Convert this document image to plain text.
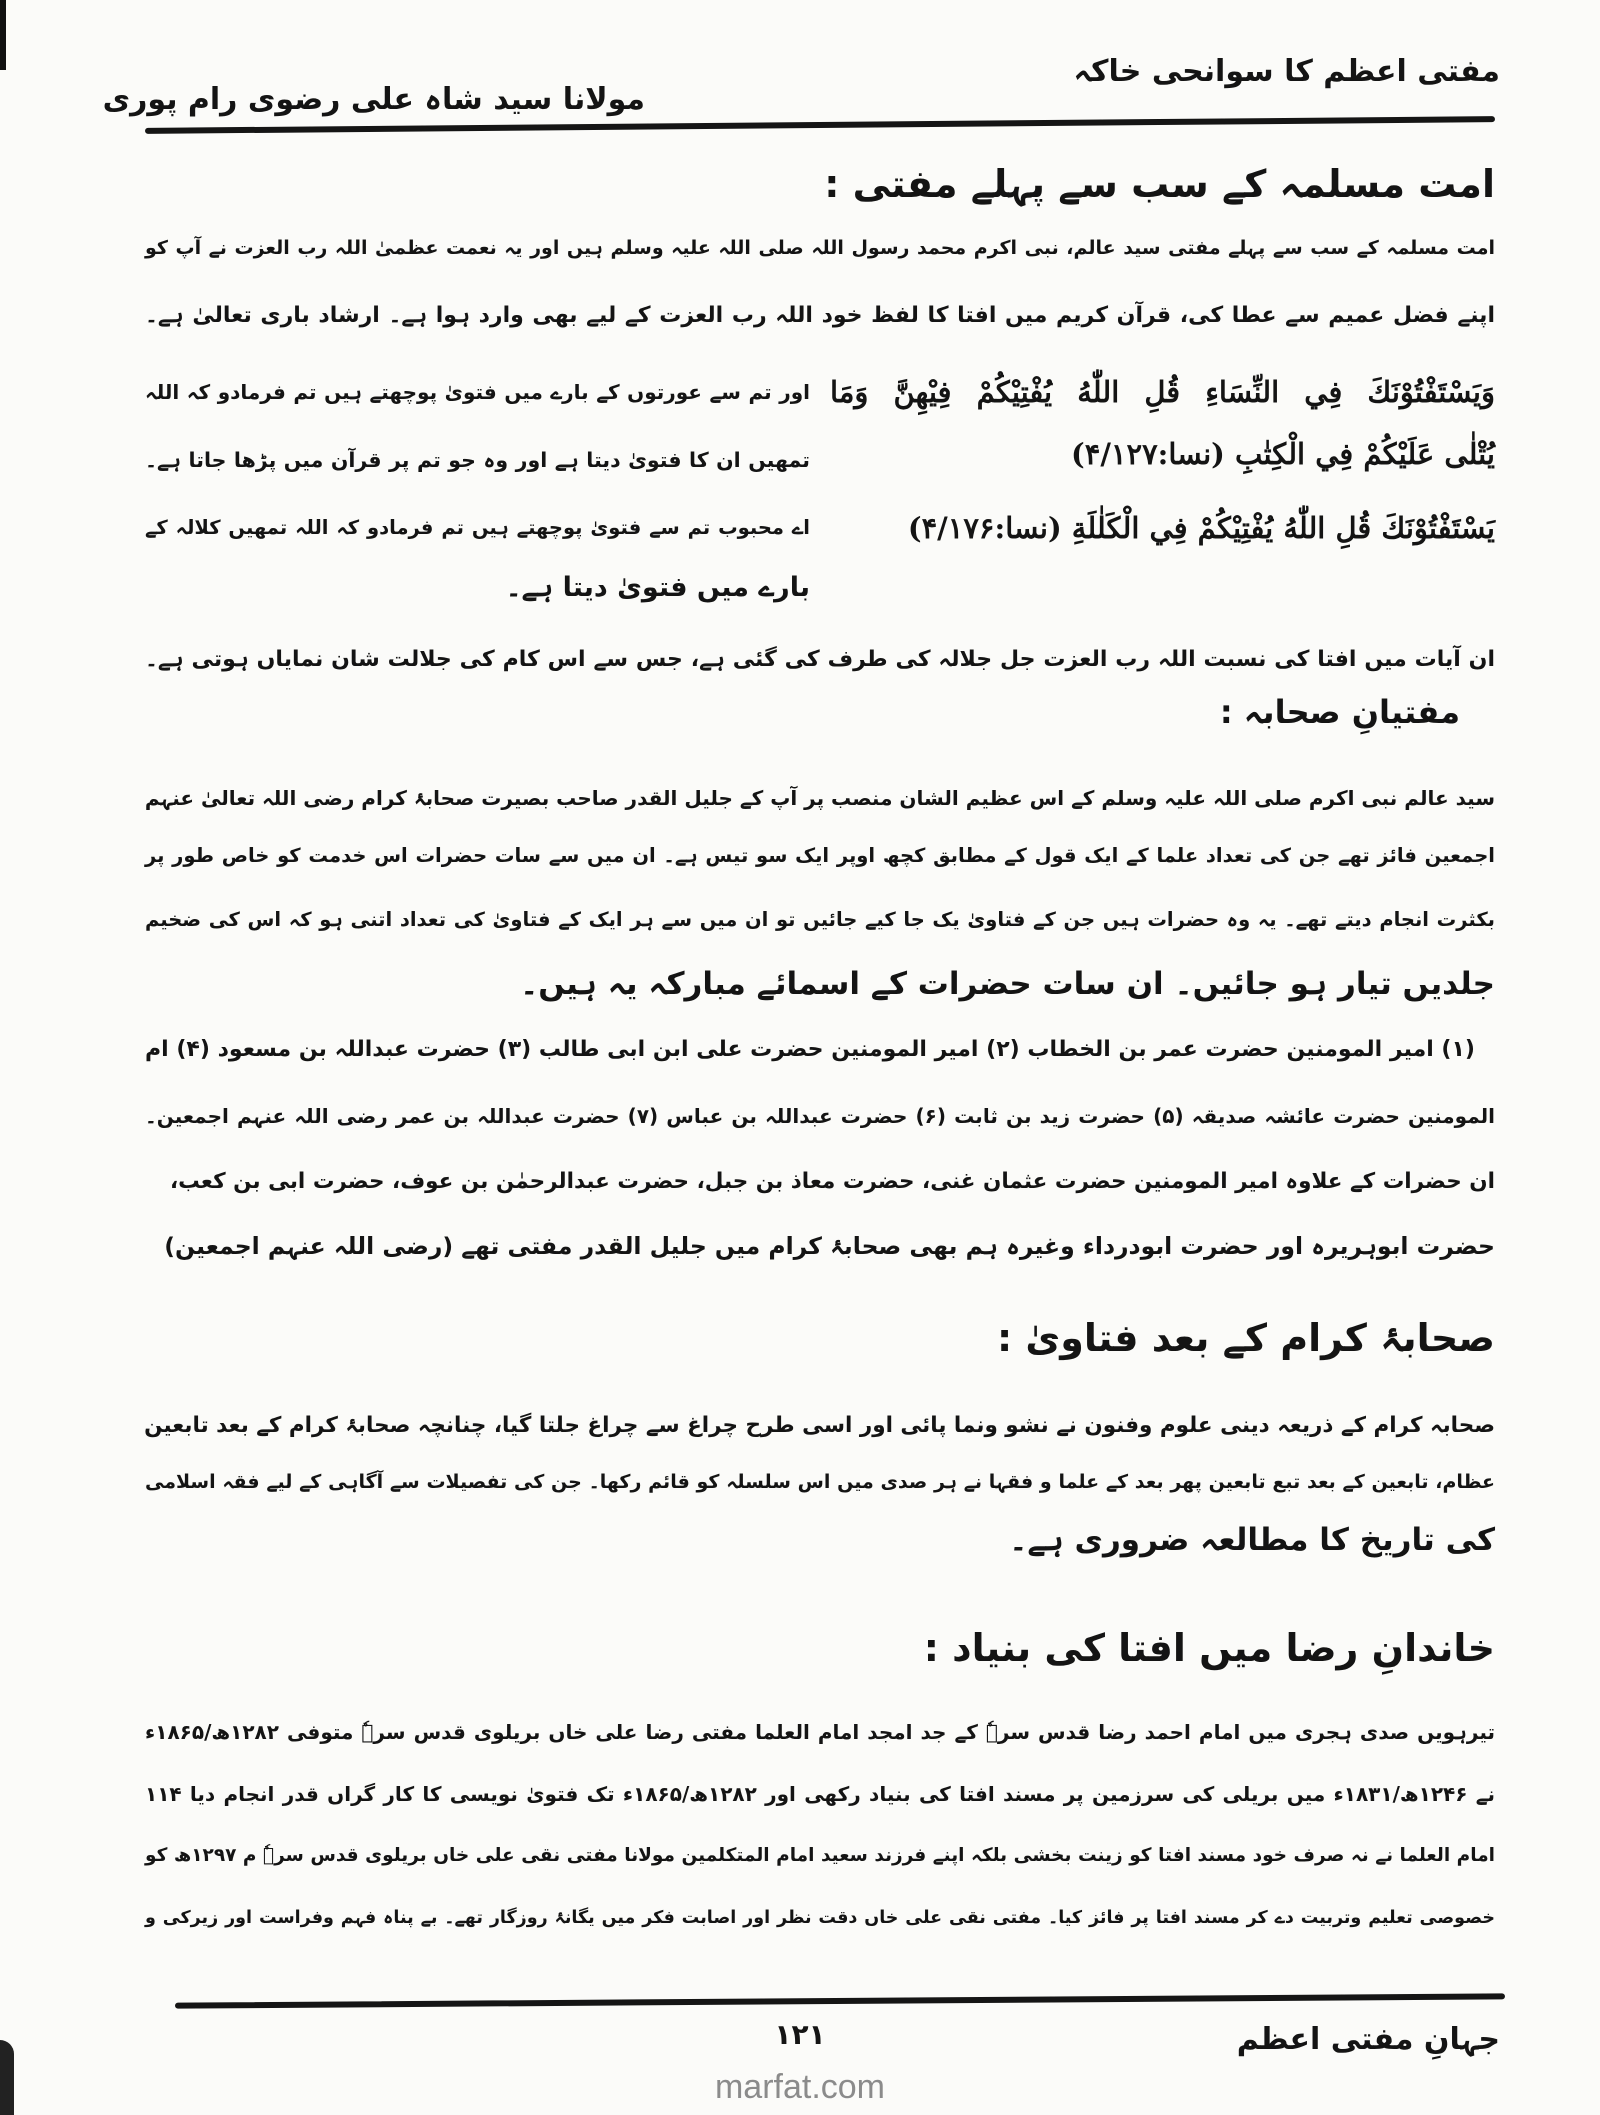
مفتی اعظم کا سوانحی خاکہ
مولانا سید شاہ علی رضوی رام پوری
امت مسلمہ کے سب سے پہلے مفتی :
امت مسلمہ کے سب سے پہلے مفتی سید عالم، نبی اکرم محمد رسول اللہ صلی اللہ علیہ وسلم ہیں اور یہ نعمت عظمیٰ اللہ رب العزت نے آپ کو
اپنے فضل عمیم سے عطا کی، قرآن کریم میں افتا کا لفظ خود اللہ رب العزت کے لیے بھی وارد ہوا ہے۔ ارشاد باری تعالیٰ ہے۔
وَيَسْتَفْتُوْنَكَ فِي النِّسَاءِ قُلِ اللّٰهُ يُفْتِيْكُمْ فِيْهِنَّ وَمَا
يُتْلٰى عَلَيْكُمْ فِي الْكِتٰبِ (نسا:۴/۱۲۷)
يَسْتَفْتُوْنَكَ قُلِ اللّٰهُ يُفْتِيْكُمْ فِي الْكَلٰلَةِ (نسا:۴/۱۷۶)
اور تم سے عورتوں کے بارے میں فتویٰ پوچھتے ہیں تم فرمادو کہ اللہ
تمھیں ان کا فتویٰ دیتا ہے اور وہ جو تم پر قرآن میں پڑھا جاتا ہے۔
اے محبوب تم سے فتویٰ پوچھتے ہیں تم فرمادو کہ اللہ تمھیں کلالہ کے
بارے میں فتویٰ دیتا ہے۔
ان آیات میں افتا کی نسبت اللہ رب العزت جل جلالہ کی طرف کی گئی ہے، جس سے اس کام کی جلالت شان نمایاں ہوتی ہے۔
مفتیانِ صحابہ :
سید عالم نبی اکرم صلی اللہ علیہ وسلم کے اس عظیم الشان منصب پر آپ کے جلیل القدر صاحب بصیرت صحابۂ کرام رضی اللہ تعالیٰ عنہم
اجمعین فائز تھے جن کی تعداد علما کے ایک قول کے مطابق کچھ اوپر ایک سو تیس ہے۔ ان میں سے سات حضرات اس خدمت کو خاص طور پر
بکثرت انجام دیتے تھے۔ یہ وہ حضرات ہیں جن کے فتاویٰ یک جا کیے جائیں تو ان میں سے ہر ایک کے فتاویٰ کی تعداد اتنی ہو کہ اس کی ضخیم
جلدیں تیار ہو جائیں۔ ان سات حضرات کے اسمائے مبارکہ یہ ہیں۔
(۱) امیر المومنین حضرت عمر بن الخطاب (۲) امیر المومنین حضرت علی ابن ابی طالب (۳) حضرت عبداللہ بن مسعود (۴) ام
المومنین حضرت عائشہ صدیقہ (۵) حضرت زید بن ثابت (۶) حضرت عبداللہ بن عباس (۷) حضرت عبداللہ بن عمر رضی اللہ عنہم اجمعین۔
ان حضرات کے علاوہ امیر المومنین حضرت عثمان غنی، حضرت معاذ بن جبل، حضرت عبدالرحمٰن بن عوف، حضرت ابی بن کعب،
حضرت ابوہریرہ اور حضرت ابودرداء وغیرہ ہم بھی صحابۂ کرام میں جلیل القدر مفتی تھے (رضی اللہ عنہم اجمعین)
صحابۂ کرام کے بعد فتاویٰ :
صحابہ کرام کے ذریعہ دینی علوم وفنون نے نشو ونما پائی اور اسی طرح چراغ سے چراغ جلتا گیا، چنانچہ صحابۂ کرام کے بعد تابعین
عظام، تابعین کے بعد تبع تابعین پھر بعد کے علما و فقہا نے ہر صدی میں اس سلسلہ کو قائم رکھا۔ جن کی تفصیلات سے آگاہی کے لیے فقہ اسلامی
کی تاریخ کا مطالعہ ضروری ہے۔
خاندانِ رضا میں افتا کی بنیاد :
تیرہویں صدی ہجری میں امام احمد رضا قدس سرہٗ کے جد امجد امام العلما مفتی رضا علی خاں بریلوی قدس سرہٗ متوفی ۱۲۸۲ھ/۱۸۶۵ء
نے ۱۲۴۶ھ/۱۸۳۱ء میں بریلی کی سرزمین پر مسند افتا کی بنیاد رکھی اور ۱۲۸۲ھ/۱۸۶۵ء تک فتویٰ نویسی کا کار گراں قدر انجام دیا ۱۱۴
امام العلما نے نہ صرف خود مسند افتا کو زینت بخشی بلکہ اپنے فرزند سعید امام المتکلمین مولانا مفتی نقی علی خاں بریلوی قدس سرہٗ م ۱۲۹۷ھ کو
خصوصی تعلیم وتربیت دے کر مسند افتا پر فائز کیا۔ مفتی نقی علی خاں دقت نظر اور اصابت فکر میں یگانۂ روزگار تھے۔ بے پناہ فہم وفراست اور زیرکی و
جہانِ مفتی اعظم
۱۲۱
marfat.com
